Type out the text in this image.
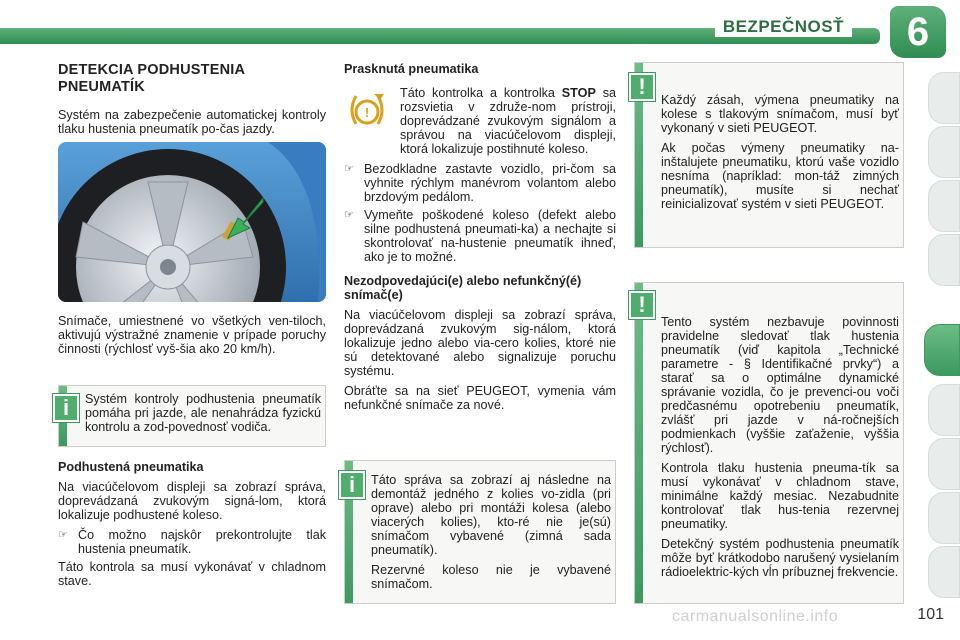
BEZPEČNOSŤ	6
DETEKCIA PODHUSTENIA
PNEUMATÍK

Systém na zabezpečenie automatickej kontroly tlaku hustenia pneumatík po-čas jazdy.

Snímače, umiestnené vo všetkých ven-tiloch, aktivujú výstražné znamenie v prípade poruchy činnosti (rýchlosť vyš-šia ako 20 km/h).

i	Systém kontroly podhustenia pneumatík pomáha pri jazde, ale nenahrádza fyzickú kontrolu a zod-povednosť vodiča.

Podhustená pneumatika

Na viacúčelovom displeji sa zobrazí správa, doprevádzaná zvukovým signá-lom, ktorá lokalizuje podhustené koleso.

☞ Čo možno najskôr prekontrolujte tlak hustenia pneumatík.

Táto kontrola sa musí vykonávať v chladnom stave.

Prasknutá pneumatika
!

Táto kontrolka a kontrolka STOP sa rozsvietia v združe-nom prístroji, doprevádzané zvukovým signálom a správou na viacúčelovom displeji, ktorá lokalizuje postihnuté koleso.

☞ Bezodkladne zastavte vozidlo, pri-čom sa vyhnite rýchlym manévrom volantom alebo brzdovým pedálom.
☞ Vymeňte poškodené koleso (defekt alebo silne podhustená pneumati-ka) a nechajte si skontrolovať na-hustenie pneumatík ihneď, ako je to možné.
Nezodpovedajúci(e) alebo nefunkčný(é) snímač(e)

Na viacúčelovom displeji sa zobrazí správa, doprevádzaná zvukovým sig-nálom, ktorá lokalizuje jedno alebo via-cero kolies, ktoré nie sú detektované alebo signalizuje poruchu systému.

Obráťte sa na sieť PEUGEOT, vymenia vám nefunkčné snímače za nové.

i	Táto správa sa zobrazí aj následne na demontáž jedného z kolies vo-zidla (pri oprave) alebo pri montáži kolesa (alebo viacerých kolies), kto-ré nie je(sú) snímačom vybavené (zimná sada pneumatík).

Rezervné koleso nie je vybavené snímačom.

!

Každý zásah, výmena pneumatiky na kolese s tlakovým snímačom, musí byť vykonaný v sieti PEUGEOT.

Ak počas výmeny pneumatiky na-inštalujete pneumatiku, ktorú vaše vozidlo nesníma (napríklad: mon-táž zimných pneumatík), musíte si nechať reinicializovať systém v sieti PEUGEOT.

!

Tento systém nezbavuje povinnosti pravidelne sledovať tlak hustenia pneumatík (viď kapitola „Technické parametre - § Identifikačné prvky“) a starať sa o optimálne dynamické správanie vozidla, čo je prevenci-ou voči predčasnému opotrebeniu pneumatík, zvlášť pri jazde v ná-ročnejších podmienkach (vyššie zaťaženie, vyššia rýchlosť).

Kontrola tlaku hustenia pneuma-tík sa musí vykonávať v chladnom stave, minimálne každý mesiac. Nezabudnite kontrolovať tlak hus-tenia rezervnej pneumatiky.

Detekčný systém podhustenia pneumatík môže byť krátkodobo narušený vysielaním rádioelektric-kých vĺn príbuznej frekvencie.

carmanualsonline.info	101
